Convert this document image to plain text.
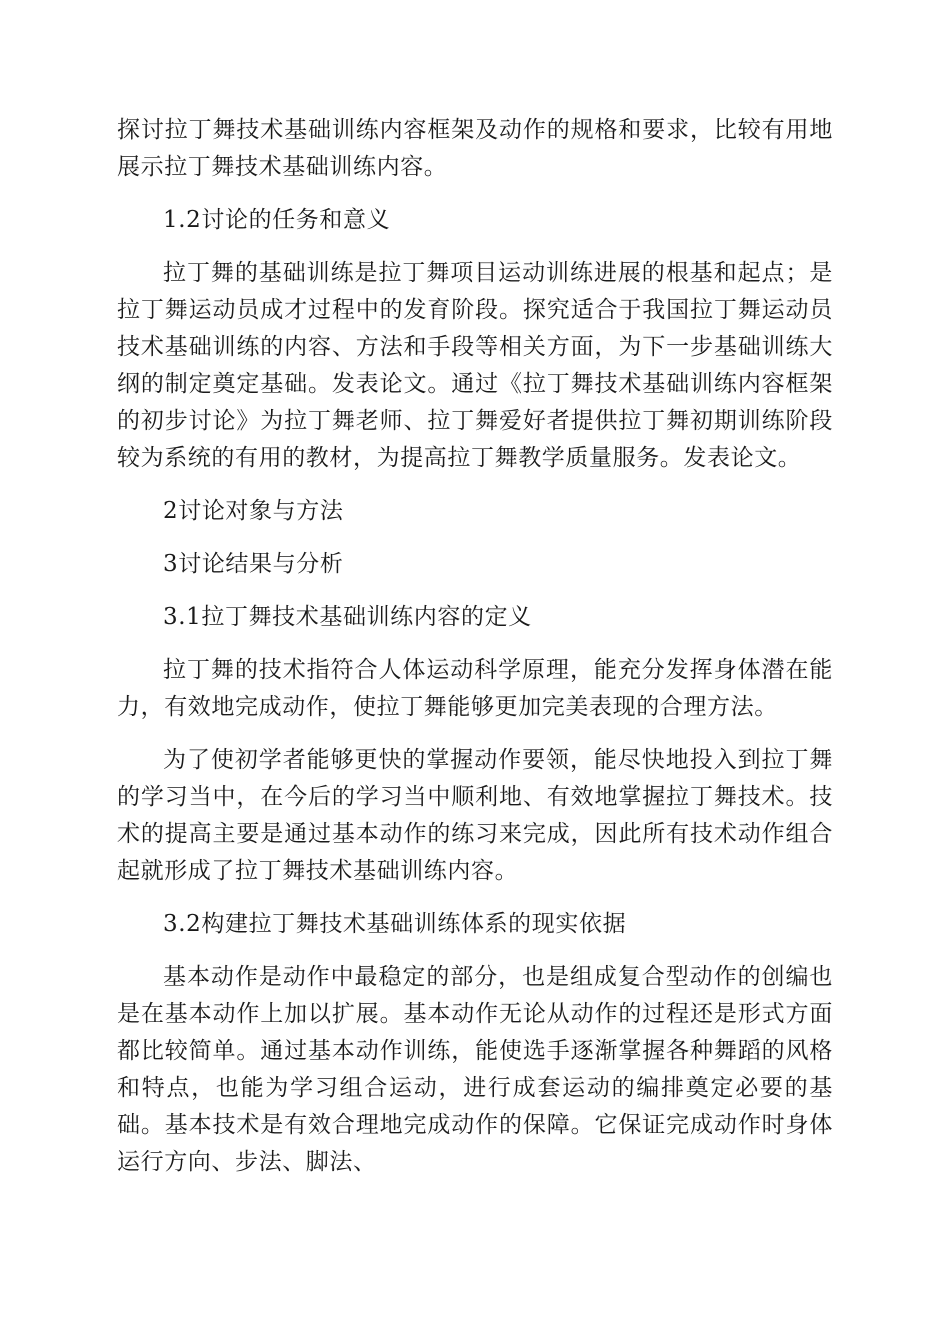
探讨拉丁舞技术基础训练内容框架及动作的规格和要求，比较有用地展示拉丁舞技术基础训练内容。

1.2讨论的任务和意义

拉丁舞的基础训练是拉丁舞项目运动训练进展的根基和起点；是拉丁舞运动员成才过程中的发育阶段。探究适合于我国拉丁舞运动员技术基础训练的内容、方法和手段等相关方面，为下一步基础训练大纲的制定奠定基础。发表论文。通过《拉丁舞技术基础训练内容框架的初步讨论》为拉丁舞老师、拉丁舞爱好者提供拉丁舞初期训练阶段较为系统的有用的教材，为提高拉丁舞教学质量服务。发表论文。

2讨论对象与方法

3讨论结果与分析

3.1拉丁舞技术基础训练内容的定义

拉丁舞的技术指符合人体运动科学原理，能充分发挥身体潜在能力，有效地完成动作，使拉丁舞能够更加完美表现的合理方法。

为了使初学者能够更快的掌握动作要领，能尽快地投入到拉丁舞的学习当中，在今后的学习当中顺利地、有效地掌握拉丁舞技术。技术的提高主要是通过基本动作的练习来完成，因此所有技术动作组合起就形成了拉丁舞技术基础训练内容。

3.2构建拉丁舞技术基础训练体系的现实依据

基本动作是动作中最稳定的部分，也是组成复合型动作的创编也是在基本动作上加以扩展。基本动作无论从动作的过程还是形式方面都比较简单。通过基本动作训练，能使选手逐渐掌握各种舞蹈的风格和特点，也能为学习组合运动，进行成套运动的编排奠定必要的基础。基本技术是有效合理地完成动作的保障。它保证完成动作时身体运行方向、步法、脚法、
